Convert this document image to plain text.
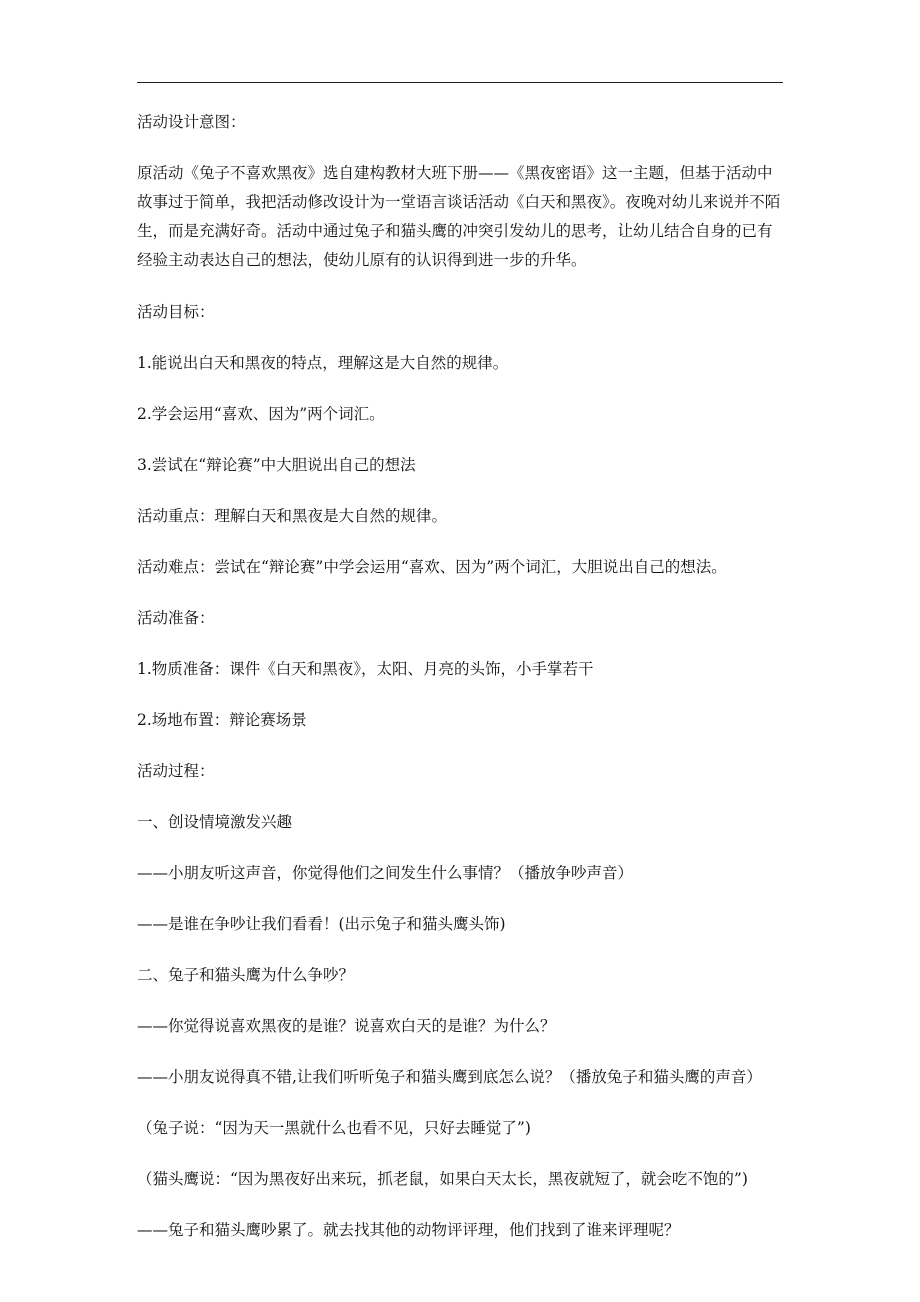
活动设计意图：

原活动《兔子不喜欢黑夜》选自建构教材大班下册——《黑夜密语》这一主题，但基于活动中故事过于简单，我把活动修改设计为一堂语言谈话活动《白天和黑夜》。夜晚对幼儿来说并不陌生，而是充满好奇。活动中通过兔子和猫头鹰的冲突引发幼儿的思考，让幼儿结合自身的已有经验主动表达自己的想法，使幼儿原有的认识得到进一步的升华。

活动目标：

1.能说出白天和黑夜的特点，理解这是大自然的规律。

2.学会运用“喜欢、因为”两个词汇。

3.尝试在“辩论赛”中大胆说出自己的想法

活动重点：理解白天和黑夜是大自然的规律。

活动难点：尝试在“辩论赛”中学会运用“喜欢、因为”两个词汇，大胆说出自己的想法。

活动准备：

1.物质准备：课件《白天和黑夜》，太阳、月亮的头饰，小手掌若干

2.场地布置：辩论赛场景

活动过程：

一、创设情境激发兴趣

——小朋友听这声音，你觉得他们之间发生什么事情？（播放争吵声音）

——是谁在争吵让我们看看！(出示兔子和猫头鹰头饰)

二、兔子和猫头鹰为什么争吵？

——你觉得说喜欢黑夜的是谁？说喜欢白天的是谁？为什么？

——小朋友说得真不错,让我们听听兔子和猫头鹰到底怎么说？（播放兔子和猫头鹰的声音）

（兔子说：“因为天一黑就什么也看不见，只好去睡觉了”)

（猫头鹰说：“因为黑夜好出来玩，抓老鼠，如果白天太长，黑夜就短了，就会吃不饱的”)

——兔子和猫头鹰吵累了。就去找其他的动物评评理，他们找到了谁来评理呢？
